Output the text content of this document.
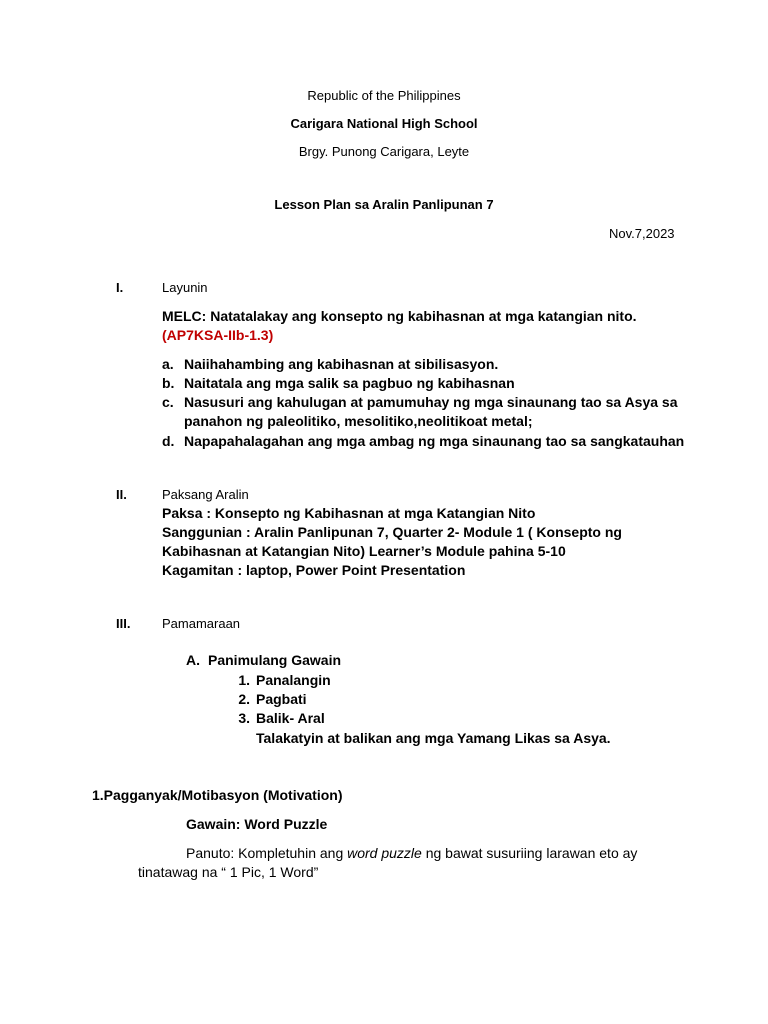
Republic of the Philippines
Carigara National High School
Brgy. Punong Carigara, Leyte
Lesson Plan sa Aralin Panlipunan 7
Nov.7,2023
I.	Layunin
MELC: Natatalakay ang konsepto ng kabihasnan at mga katangian nito.
(AP7KSA-IIb-1.3)
a. Naiihahambing ang kabihasnan at sibilisasyon.
b. Naitatala ang mga salik sa pagbuo ng kabihasnan
c. Nasusuri ang kahulugan at pamumuhay ng mga sinaunang tao sa Asya sa
panahon ng paleolitiko, mesolitiko,neolitikoat metal;
d. Napapahalagahan ang mga ambag ng mga sinaunang tao sa sangkatauhan
II.	Paksang Aralin
Paksa : Konsepto ng Kabihasnan at mga Katangian Nito
Sanggunian : Aralin Panlipunan 7, Quarter 2- Module 1 ( Konsepto ng
Kabihasnan at Katangian Nito) Learner’s Module pahina 5-10
Kagamitan : laptop, Power Point Presentation
III. Pamamaraan
A. Panimulang Gawain
1. Panalangin
2. Pagbati
3. Balik- Aral
Talakatyin at balikan ang mga Yamang Likas sa Asya.
1.Pagganyak/Motibasyon (Motivation)
Gawain: Word Puzzle
Panuto: Kompletuhin ang word puzzle ng bawat susuriing larawan eto ay
tinatawag na “ 1 Pic, 1 Word”
